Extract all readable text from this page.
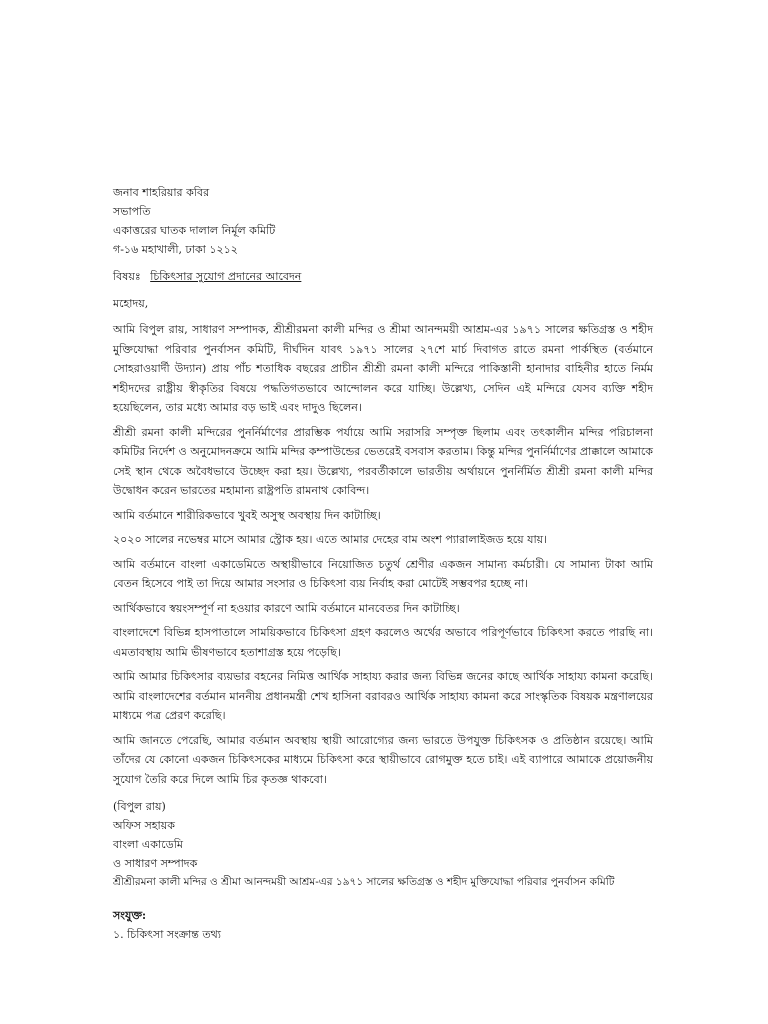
জনাব শাহরিয়ার কবির
সভাপতি
একাত্তরের ঘাতক দালাল নির্মূল কমিটি
গ-১৬ মহাখালী, ঢাকা ১২১২
বিষয়ঃ চিকিৎসার সুযোগ প্রদানের আবেদন
মহোদয়,

আমি বিপুল রায়, সাধারণ সম্পাদক, শ্রীশ্রীরমনা কালী মন্দির ও শ্রীমা আনন্দময়ী আশ্রম-এর ১৯৭১ সালের ক্ষতিগ্রস্ত ও শহীদ মুক্তিযোদ্ধা পরিবার পুনর্বাসন কমিটি, দীর্ঘদিন যাবৎ ১৯৭১ সালের ২৭শে মার্চ দিবাগত রাতে রমনা পার্কস্থিত (বর্তমানে সোহরাওয়ার্দী উদ্যান) প্রায় পাঁচ শতাধিক বছরের প্রাচীন শ্রীশ্রী রমনা কালী মন্দিরে পাকিস্তানী হানাদার বাহিনীর হাতে নির্মম শহীদদের রাষ্ট্রীয় স্বীকৃতির বিষয়ে পদ্ধতিগতভাবে আন্দোলন করে যাচ্ছি। উল্লেখ্য, সেদিন এই মন্দিরে যেসব ব্যক্তি শহীদ হয়েছিলেন, তার মধ্যে আমার বড় ভাই এবং দাদুও ছিলেন।

শ্রীশ্রী রমনা কালী মন্দিরের পুনর্নির্মাণের প্রারম্ভিক পর্যায়ে আমি সরাসরি সম্পৃক্ত ছিলাম এবং তৎকালীন মন্দির পরিচালনা কমিটির নির্দেশ ও অনুমোদনক্রমে আমি মন্দির কম্পাউন্ডের ভেতরেই বসবাস করতাম। কিন্তু মন্দির পুনর্নির্মাণের প্রাক্কালে আমাকে সেই স্থান থেকে অবৈধভাবে উচ্ছেদ করা হয়। উল্লেখ্য, পরবর্তীকালে ভারতীয় অর্থায়নে পুনর্নির্মিত শ্রীশ্রী রমনা কালী মন্দির উদ্বোধন করেন ভারতের মহামান্য রাষ্ট্রপতি রামনাথ কোবিন্দ।

আমি বর্তমানে শারীরিকভাবে খুবই অসুস্থ অবস্থায় দিন কাটাচ্ছি।

২০২০ সালের নভেম্বর মাসে আমার স্ট্রোক হয়। এতে আমার দেহের বাম অংশ প্যারালাইজড হয়ে যায়।

আমি বর্তমানে বাংলা একাডেমিতে অস্থায়ীভাবে নিয়োজিত চতুর্থ শ্রেণীর একজন সামান্য কর্মচারী। যে সামান্য টাকা আমি বেতন হিসেবে পাই তা দিয়ে আমার সংসার ও চিকিৎসা ব্যয় নির্বাহ করা মোটেই সম্ভবপর হচ্ছে না।

আর্থিকভাবে স্বয়ংসম্পূর্ণ না হওয়ার কারণে আমি বর্তমানে মানবেতর দিন কাটাচ্ছি।

বাংলাদেশে বিভিন্ন হাসপাতালে সাময়িকভাবে চিকিৎসা গ্রহণ করলেও অর্থের অভাবে পরিপূর্ণভাবে চিকিৎসা করতে পারছি না। এমতাবস্থায় আমি ভীষণভাবে হতাশাগ্রস্ত হয়ে পড়েছি।

আমি আমার চিকিৎসার ব্যয়ভার বহনের নিমিত্ত আর্থিক সাহায্য করার জন্য বিভিন্ন জনের কাছে আর্থিক সাহায্য কামনা করেছি। আমি বাংলাদেশের বর্তমান মাননীয় প্রধানমন্ত্রী শেখ হাসিনা বরাবরও আর্থিক সাহায্য কামনা করে সাংস্কৃতিক বিষয়ক মন্ত্রণালয়ের মাধ্যমে পত্র প্রেরণ করেছি।

আমি জানতে পেরেছি, আমার বর্তমান অবস্থায় স্থায়ী আরোগ্যের জন্য ভারতে উপযুক্ত চিকিৎসক ও প্রতিষ্ঠান রয়েছে। আমি তাঁদের যে কোনো একজন চিকিৎসকের মাধ্যমে চিকিৎসা করে স্থায়ীভাবে রোগমুক্ত হতে চাই। এই ব্যাপারে আমাকে প্রয়োজনীয় সুযোগ তৈরি করে দিলে আমি চির কৃতজ্ঞ থাকবো।

(বিপুল রায়)
অফিস সহায়ক
বাংলা একাডেমি
ও সাধারণ সম্পাদক
শ্রীশ্রীরমনা কালী মন্দির ও শ্রীমা আনন্দময়ী আশ্রম-এর ১৯৭১ সালের ক্ষতিগ্রস্ত ও শহীদ মুক্তিযোদ্ধা পরিবার পুনর্বাসন কমিটি
সংযুক্ত:
১. চিকিৎসা সংক্রান্ত তথ্য
